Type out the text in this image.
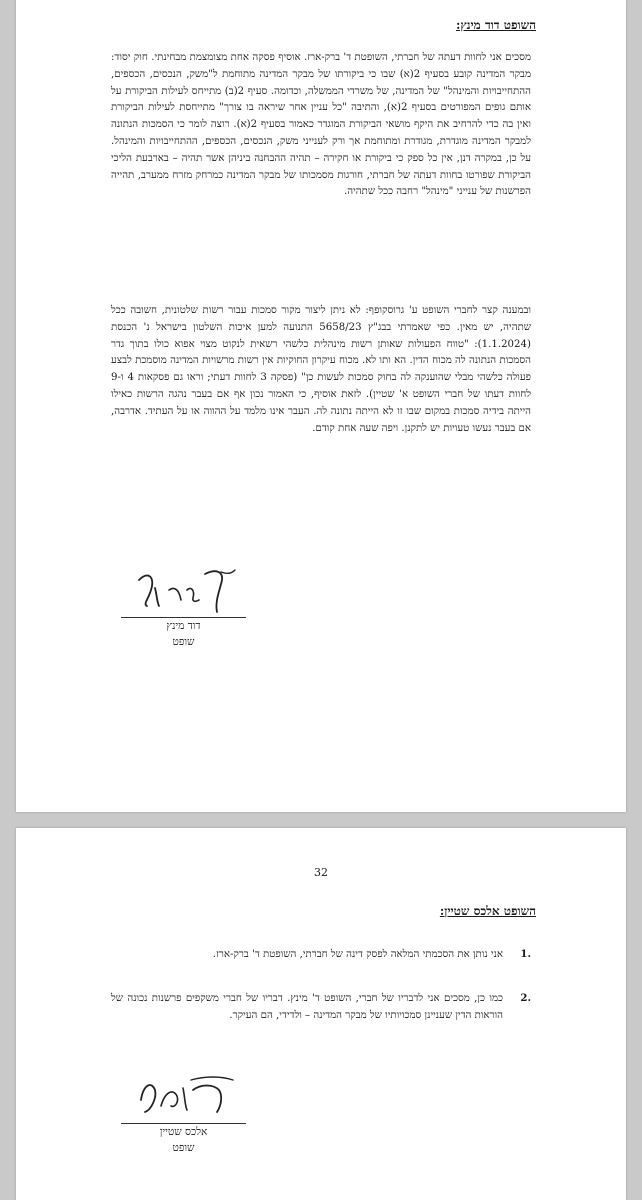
השופט דוד מינץ:
מסכים אני לחוות דעתה של חברתי, השופטת ד' ברק-ארז. אוסיף פסקה אחת מצומצמת מבחינתי. חוק יסוד: מבקר המדינה קובע בסעיף 2(א) שבו כי ביקורתו של מבקר המדינה מתוחמת ל"משק, הנכסים, הכספים, ההתחייבויות והמינהל" של המדינה, של משרדי הממשלה, וכדומה. סעיף 2(ב) מתייחס לעילות הביקורת על אותם גופים המפורטים בסעיף 2(א), והתיבה "כל עניין אחר שיראה בו צורך" מתייחסת לעילות הביקורת ואין בה כדי להרחיב את היקף מושאי הביקורת המוגדר כאמור בסעיף 2(א). רוצה לומר כי הסמכות הנתונה למבקר המדינה מוגדרת, מגודרת ומתוחמת אך ורק לענייני משק, הנכסים, הכספים, ההתחייבויות והמינהל. על כן, במקרה דנן, אין כל ספק כי ביקורת או חקירה – תהיה ההבחנה ביניהן אשר תהיה – בארבעת הליכי הביקורת שפורטו בחוות דעתה של חברתי, חורגות מסמכותו של מבקר המדינה כמרחק מזרח ממערב, תהייה הפרשנות של ענייני "מינהל" רחבה ככל שתהיה.
ובמענה קצר לחברי השופט ע' גרוסקופף: לא ניתן ליצור מקור סמכות עבור רשות שלטונית, חשובה ככל שתהיה, יש מאין. כפי שאמרתי בבג"ץ 5658/23 התנועה למען איכות השלטון בישראל נ' הכנסת (1.1.2024): "טווח הפעולות שאותן רשות מינהלית כלשהי רשאית לנקוט מצוי אפוא כולו בתוך גדר הסמכות הנתונה לה מכוח הדין. הא ותו לא. מכוח עיקרון החוקיות אין רשות מרשויות המדינה מוסמכת לבצע פעולה כלשהי מבלי שהוענקה לה בחוק סמכות לעשות כן" (פסקה 3 לחוות דעתי; וראו גם פסקאות 4 ו-9 לחוות דעתו של חברי השופט א' שטיין). לזאת אוסיף, כי האמור נכון אף אם בעבר נהגה הרשות כאילו הייתה בידיה סמכות במקום שבו זו לא הייתה נתונה לה. העבר אינו מלמד על ההווה או על העתיד. אדרבה, אם בעבר נעשו טעויות יש לתקנן. ויפה שעה אחת קודם.
דוד מינץ
שופט
32
השופט אלכס שטיין:
.1
אני נותן את הסכמתי המלאה לפסק דינה של חברתי, השופטת ד' ברק-ארז.
.2
כמו כן, מסכים אני לדבריו של חברי, השופט ד' מינץ. דבריו של חברי משקפים פרשנות נכונה של הוראות הדין שעניינן סמכויותיו של מבקר המדינה – ולדידי, הם העיקר.
אלכס שטיין
שופט
